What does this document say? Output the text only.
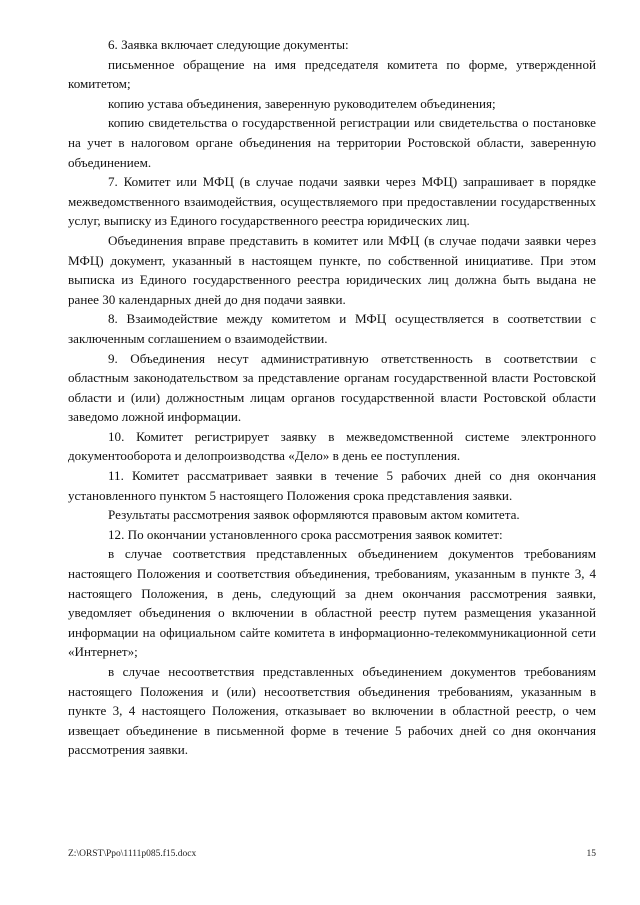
6. Заявка включает следующие документы:

письменное обращение на имя председателя комитета по форме, утвержденной комитетом;

копию устава объединения, заверенную руководителем объединения;

копию свидетельства о государственной регистрации или свидетельства о постановке на учет в налоговом органе объединения на территории Ростовской области, заверенную объединением.

7. Комитет или МФЦ (в случае подачи заявки через МФЦ) запрашивает в порядке межведомственного взаимодействия, осуществляемого при предоставлении государственных услуг, выписку из Единого государственного реестра юридических лиц.

Объединения вправе представить в комитет или МФЦ (в случае подачи заявки через МФЦ) документ, указанный в настоящем пункте, по собственной инициативе. При этом выписка из Единого государственного реестра юридических лиц должна быть выдана не ранее 30 календарных дней до дня подачи заявки.

8. Взаимодействие между комитетом и МФЦ осуществляется в соответствии с заключенным соглашением о взаимодействии.

9. Объединения несут административную ответственность в соответствии с областным законодательством за представление органам государственной власти Ростовской области и (или) должностным лицам органов государственной власти Ростовской области заведомо ложной информации.

10. Комитет регистрирует заявку в межведомственной системе электронного документооборота и делопроизводства «Дело» в день ее поступления.

11. Комитет рассматривает заявки в течение 5 рабочих дней со дня окончания установленного пунктом 5 настоящего Положения срока представления заявки.

Результаты рассмотрения заявок оформляются правовым актом комитета.

12. По окончании установленного срока рассмотрения заявок комитет:

в случае соответствия представленных объединением документов требованиям настоящего Положения и соответствия объединения, требованиям, указанным в пункте 3, 4 настоящего Положения, в день, следующий за днем окончания рассмотрения заявки, уведомляет объединения о включении в областной реестр путем размещения указанной информации на официальном сайте комитета в информационно-телекоммуникационной сети «Интернет»;

в случае несоответствия представленных объединением документов требованиям настоящего Положения и (или) несоответствия объединения требованиям, указанным в пункте 3, 4 настоящего Положения, отказывает во включении в областной реестр, о чем извещает объединение в письменной форме в течение 5 рабочих дней со дня окончания рассмотрения заявки.

Z:\ORST\Ppo\1111p085.f15.docx	15
